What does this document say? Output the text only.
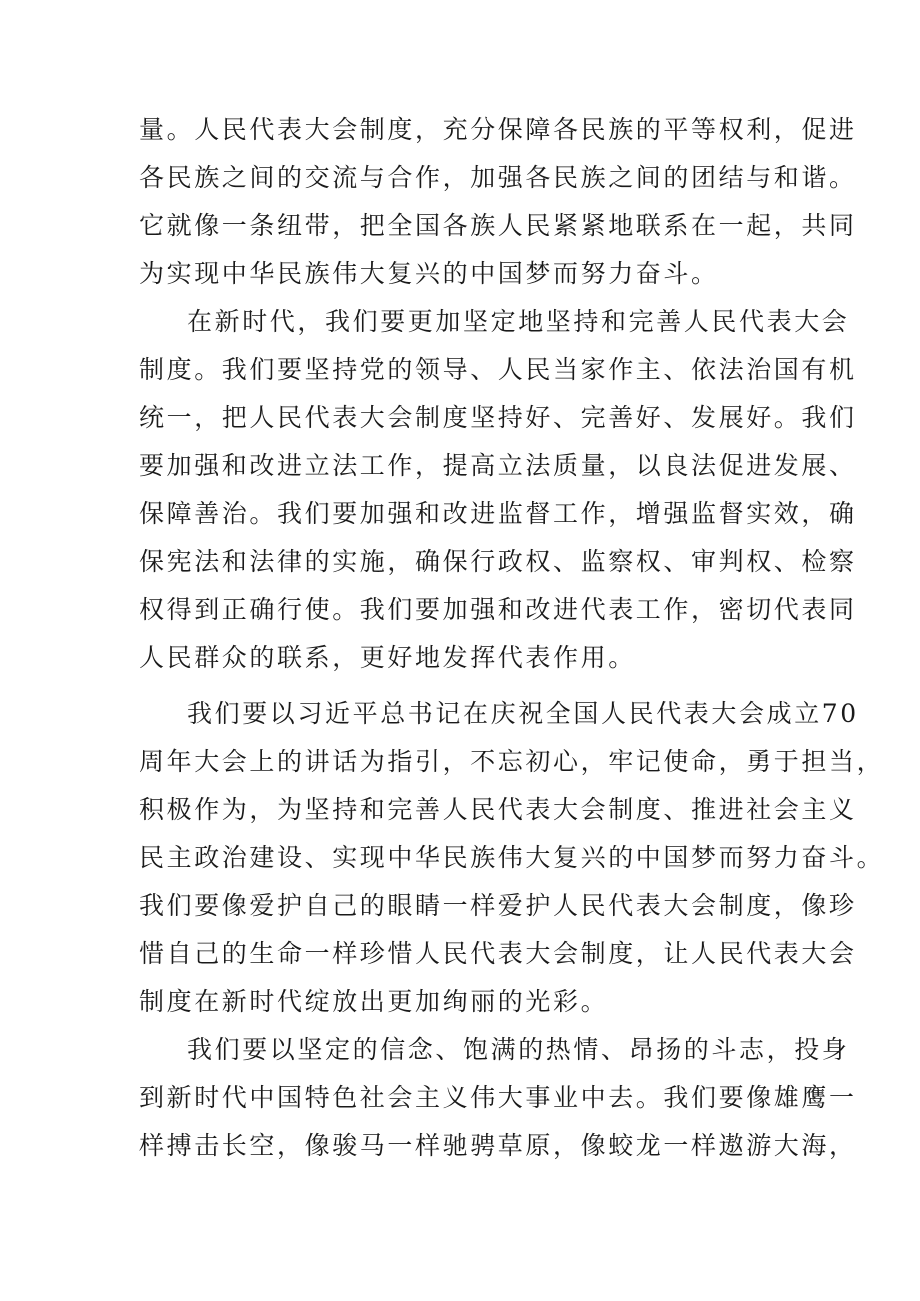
量。人民代表大会制度，充分保障各民族的平等权利，促进
各民族之间的交流与合作，加强各民族之间的团结与和谐。
它就像一条纽带，把全国各族人民紧紧地联系在一起，共同
为实现中华民族伟大复兴的中国梦而努力奋斗。
在新时代，我们要更加坚定地坚持和完善人民代表大会
制度。我们要坚持党的领导、人民当家作主、依法治国有机
统一，把人民代表大会制度坚持好、完善好、发展好。我们
要加强和改进立法工作，提高立法质量，以良法促进发展、
保障善治。我们要加强和改进监督工作，增强监督实效，确
保宪法和法律的实施，确保行政权、监察权、审判权、检察
权得到正确行使。我们要加强和改进代表工作，密切代表同
人民群众的联系，更好地发挥代表作用。
我们要以习近平总书记在庆祝全国人民代表大会成立70
周年大会上的讲话为指引，不忘初心，牢记使命，勇于担当，
积极作为，为坚持和完善人民代表大会制度、推进社会主义
民主政治建设、实现中华民族伟大复兴的中国梦而努力奋斗。
我们要像爱护自己的眼睛一样爱护人民代表大会制度，像珍
惜自己的生命一样珍惜人民代表大会制度，让人民代表大会
制度在新时代绽放出更加绚丽的光彩。
我们要以坚定的信念、饱满的热情、昂扬的斗志，投身
到新时代中国特色社会主义伟大事业中去。我们要像雄鹰一
样搏击长空，像骏马一样驰骋草原，像蛟龙一样遨游大海，
